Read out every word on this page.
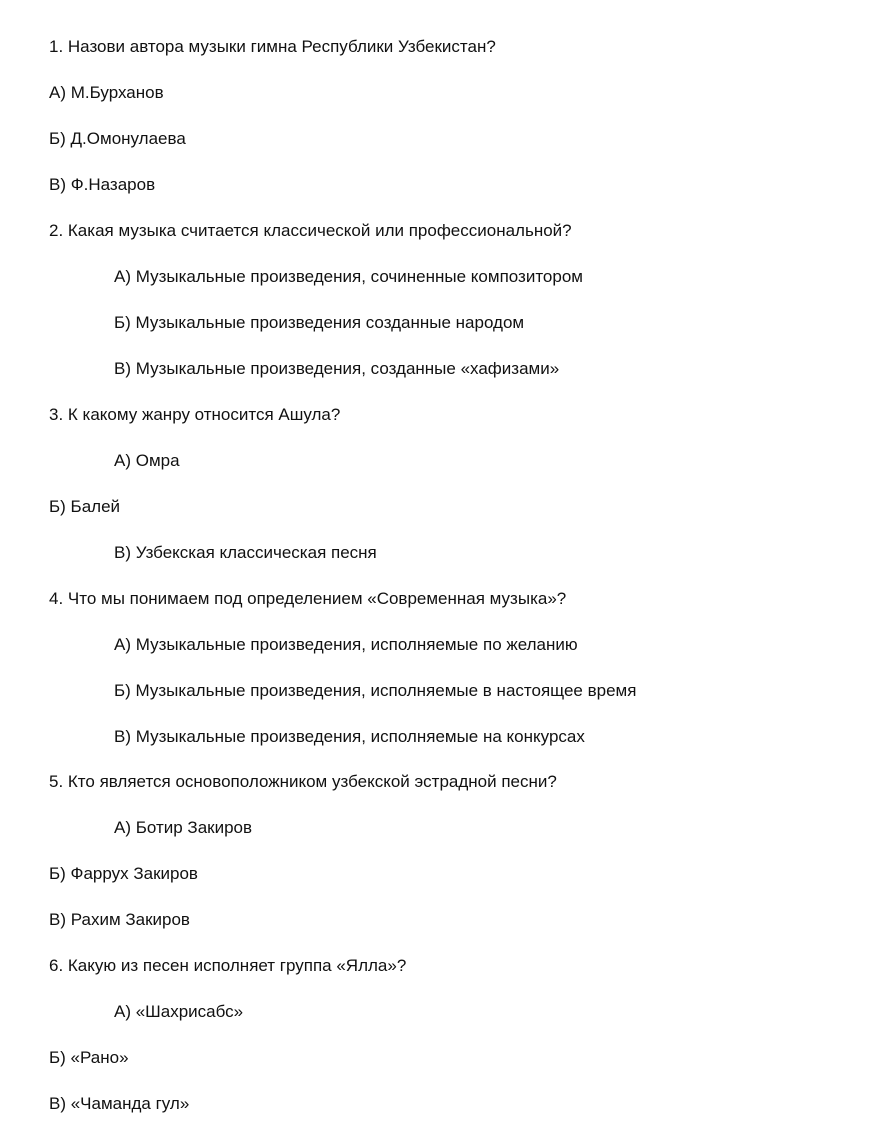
1. Назови автора музыки гимна Республики Узбекистан?
А) М.Бурханов
Б) Д.Омонулаева
В) Ф.Назаров
2. Какая музыка считается классической или профессиональной?
А) Музыкальные произведения, сочиненные композитором
Б) Музыкальные произведения созданные народом
В) Музыкальные произведения, созданные «хафизами»
3. К какому жанру относится Ашула?
А) Омра
Б) Балей
В) Узбекская классическая песня
4. Что мы понимаем под определением «Современная музыка»?
А) Музыкальные произведения, исполняемые по желанию
Б) Музыкальные произведения, исполняемые в настоящее время
В) Музыкальные произведения, исполняемые на конкурсах
5. Кто является основоположником узбекской эстрадной песни?
А) Ботир Закиров
Б) Фаррух Закиров
В) Рахим Закиров
6. Какую из песен исполняет группа «Ялла»?
А) «Шахрисабс»
Б) «Рано»
В) «Чаманда гул»
